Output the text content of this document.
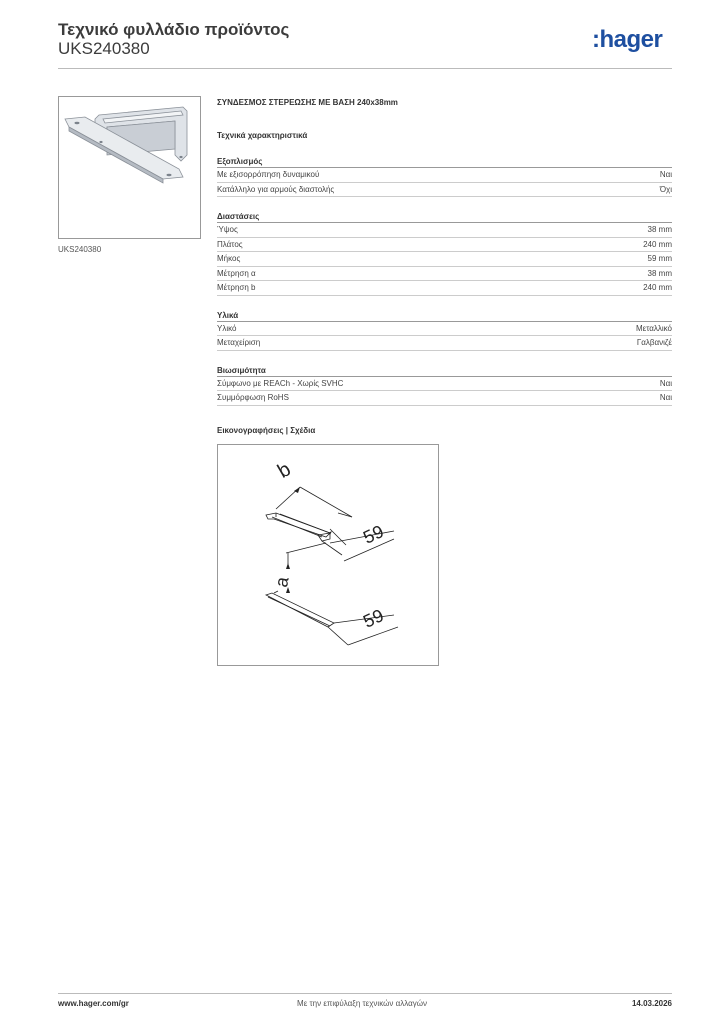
Τεχνικό φυλλάδιο προϊόντος
UKS240380	:hager
UKS240380
ΣΥΝΔΕΣΜΟΣ ΣΤΕΡΕΩΣΗΣ ΜΕ ΒΑΣΗ 240x38mm
Τεχνικά χαρακτηριστικά
Εξοπλισμός
Με εξισορρόπηση δυναμικού	Ναι
Κατάλληλο για αρμούς διαστολής	Όχι
Διαστάσεις
Ύψος	38 mm
Πλάτος	240 mm
Μήκος	59 mm
Μέτρηση α	38 mm
Μέτρηση b	240 mm
Υλικά
Υλικό	Μεταλλικό
Μεταχείριση	Γαλβανιζέ
Βιωσιμότητα
Σύμφωνο με REACh - Χωρίς SVHC	Ναι
Συμμόρφωση RoHS	Ναι
Εικονογραφήσεις | Σχέδια
b
a
59
59
www.hager.com/gr	Με την επιφύλαξη τεχνικών αλλαγών	14.03.2026
